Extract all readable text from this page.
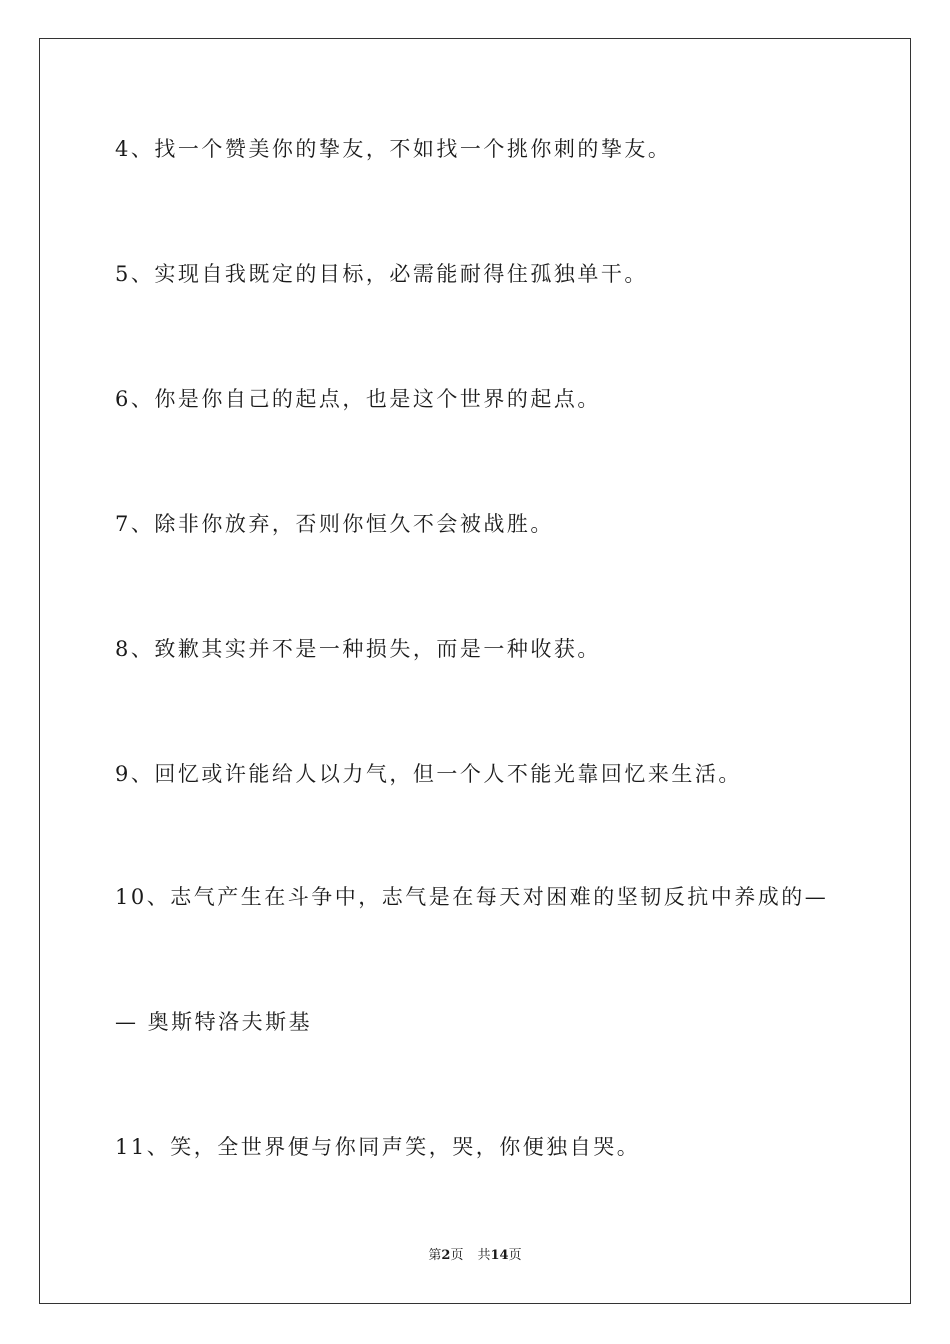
4、找一个赞美你的挚友，不如找一个挑你刺的挚友。
5、实现自我既定的目标，必需能耐得住孤独单干。
6、你是你自己的起点，也是这个世界的起点。
7、除非你放弃，否则你恒久不会被战胜。
8、致歉其实并不是一种损失，而是一种收获。
9、回忆或许能给人以力气，但一个人不能光靠回忆来生活。
10、志气产生在斗争中，志气是在每天对困难的坚韧反抗中养成的—
— 奥斯特洛夫斯基
11、笑，全世界便与你同声笑，哭，你便独自哭。
第2页 共14页
